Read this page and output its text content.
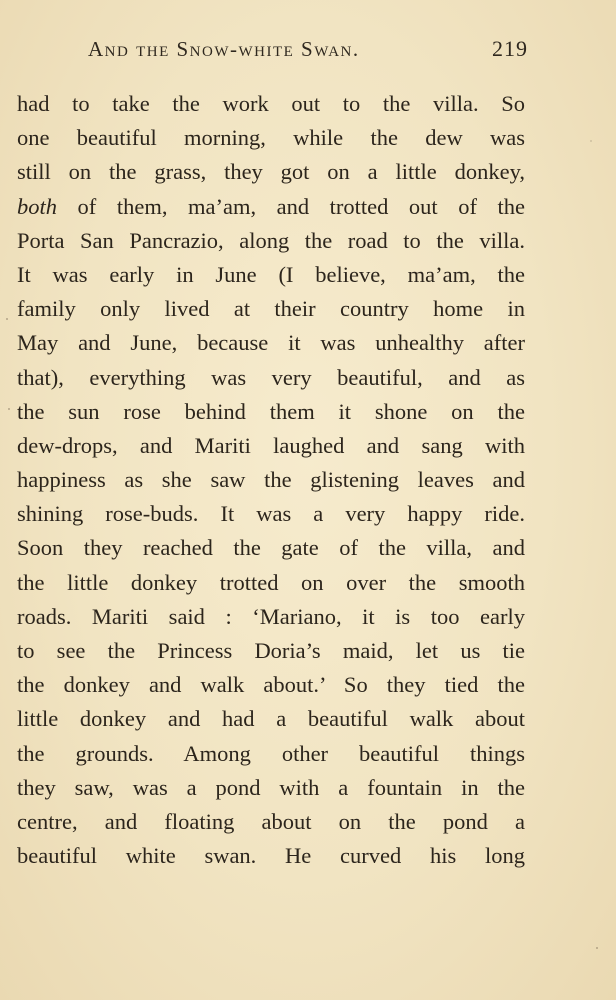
And the Snow-white Swan.	219
had to take the work out to the villa. So
one beautiful morning, while the dew was
still on the grass, they got on a little donkey,
both of them, ma’am, and trotted out of the
Porta San Pancrazio, along the road to the villa.
It was early in June (I believe, ma’am, the
family only lived at their country home in
May and June, because it was unhealthy after
that), everything was very beautiful, and as
the sun rose behind them it shone on the
dew-drops, and Mariti laughed and sang with
happiness as she saw the glistening leaves and
shining rose-buds. It was a very happy ride.
Soon they reached the gate of the villa, and
the little donkey trotted on over the smooth
roads. Mariti said : ‘Mariano, it is too early
to see the Princess Doria’s maid, let us tie
the donkey and walk about.’ So they tied the
little donkey and had a beautiful walk about
the grounds. Among other beautiful things
they saw, was a pond with a fountain in the
centre, and floating about on the pond a
beautiful white swan. He curved his long
